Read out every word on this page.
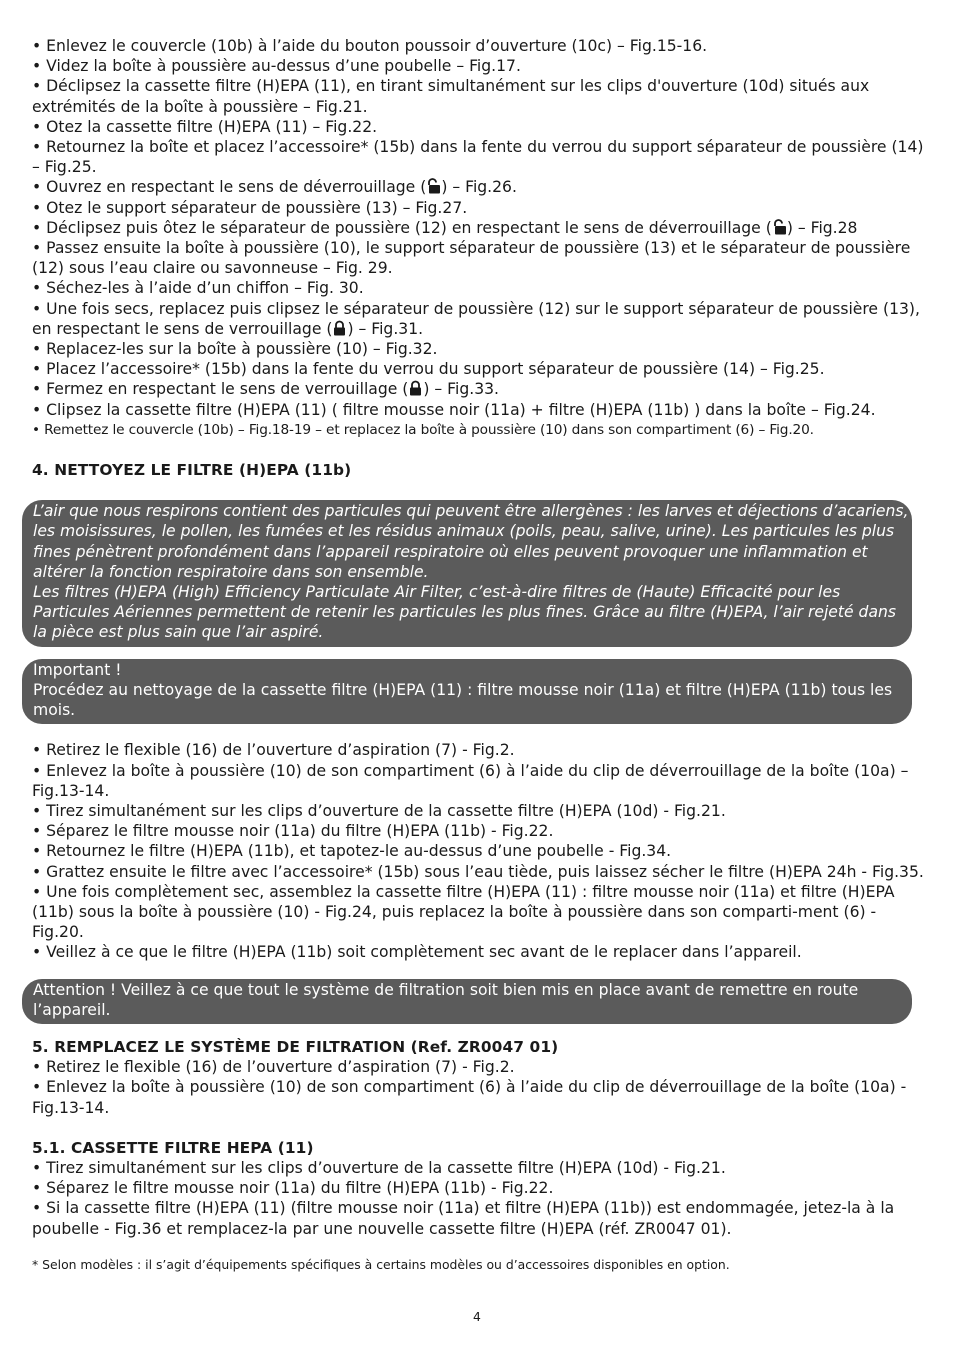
• Enlevez le couvercle (10b) à l’aide du bouton poussoir d’ouverture (10c) – Fig.15-16.

• Videz la boîte à poussière au-dessus d’une poubelle – Fig.17.

• Déclipsez la cassette filtre (H)EPA (11), en tirant simultanément sur les clips d'ouverture (10d) situés aux extrémités de la boîte à poussière – Fig.21.

• Otez la cassette filtre (H)EPA (11) – Fig.22.

• Retournez la boîte et placez l’accessoire* (15b) dans la fente du verrou du support séparateur de poussière (14) – Fig.25.

• Ouvrez en respectant le sens de déverrouillage ( ) – Fig.26.

• Otez le support séparateur de poussière (13) – Fig.27.

• Déclipsez puis ôtez le séparateur de poussière (12) en respectant le sens de déverrouillage ( ) – Fig.28

• Passez ensuite la boîte à poussière (10), le support séparateur de poussière (13) et le séparateur de poussière (12) sous l’eau claire ou savonneuse – Fig. 29.

• Séchez-les à l’aide d’un chiffon – Fig. 30.

• Une fois secs, replacez puis clipsez le séparateur de poussière (12) sur le support séparateur de poussière (13), en respectant le sens de verrouillage ( ) – Fig.31.

• Replacez-les sur la boîte à poussière (10) – Fig.32.

• Placez l’accessoire* (15b) dans la fente du verrou du support séparateur de poussière (14) – Fig.25.

• Fermez en respectant le sens de verrouillage ( ) – Fig.33.

• Clipsez la cassette filtre (H)EPA (11) ( filtre mousse noir (11a) + filtre (H)EPA (11b) ) dans la boîte – Fig.24.

• Remettez le couvercle (10b) – Fig.18-19 – et replacez la boîte à poussière (10) dans son compartiment (6) – Fig.20.

4. NETTOYEZ LE FILTRE (H)EPA (11b)

L’air que nous respirons contient des particules qui peuvent être allergènes : les larves et déjections d’acariens, les moisissures, le pollen, les fumées et les résidus animaux (poils, peau, salive, urine). Les particules les plus fines pénètrent profondément dans l’appareil respiratoire où elles peuvent provoquer une inflammation et altérer la fonction respiratoire dans son ensemble.

Les filtres (H)EPA (High) Efficiency Particulate Air Filter, c’est-à-dire filtres de (Haute) Efficacité pour les Particules Aériennes permettent de retenir les particules les plus fines. Grâce au filtre (H)EPA, l’air rejeté dans la pièce est plus sain que l’air aspiré.

Important !

Procédez au nettoyage de la cassette filtre (H)EPA (11) : filtre mousse noir (11a) et filtre (H)EPA (11b) tous les mois.

• Retirez le flexible (16) de l’ouverture d’aspiration (7) - Fig.2.

• Enlevez la boîte à poussière (10) de son compartiment (6) à l’aide du clip de déverrouillage de la boîte (10a) – Fig.13-14.

• Tirez simultanément sur les clips d’ouverture de la cassette filtre (H)EPA (10d) - Fig.21.

• Séparez le filtre mousse noir (11a) du filtre (H)EPA (11b) - Fig.22.

• Retournez le filtre (H)EPA (11b), et tapotez-le au-dessus d’une poubelle - Fig.34.

• Grattez ensuite le filtre avec l’accessoire* (15b) sous l’eau tiède, puis laissez sécher le filtre (H)EPA 24h - Fig.35.

• Une fois complètement sec, assemblez la cassette filtre (H)EPA (11) : filtre mousse noir (11a) et filtre (H)EPA (11b) sous la boîte à poussière (10) - Fig.24, puis replacez la boîte à poussière dans son comparti-ment (6) - Fig.20.

• Veillez à ce que le filtre (H)EPA (11b) soit complètement sec avant de le replacer dans l’appareil.

Attention ! Veillez à ce que tout le système de filtration soit bien mis en place avant de remettre en route l’appareil.

5. REMPLACEZ LE SYSTÈME DE FILTRATION (Ref. ZR0047 01)

• Retirez le flexible (16) de l’ouverture d’aspiration (7) - Fig.2.

• Enlevez la boîte à poussière (10) de son compartiment (6) à l’aide du clip de déverrouillage de la boîte (10a) - Fig.13-14.

5.1. CASSETTE FILTRE HEPA (11)

• Tirez simultanément sur les clips d’ouverture de la cassette filtre (H)EPA (10d) - Fig.21.

• Séparez le filtre mousse noir (11a) du filtre (H)EPA (11b) - Fig.22.

• Si la cassette filtre (H)EPA (11) (filtre mousse noir (11a) et filtre (H)EPA (11b)) est endommagée, jetez-la à la poubelle - Fig.36 et remplacez-la par une nouvelle cassette filtre (H)EPA (réf. ZR0047 01).

* Selon modèles : il s’agit d’équipements spécifiques à certains modèles ou d’accessoires disponibles en option.

4
